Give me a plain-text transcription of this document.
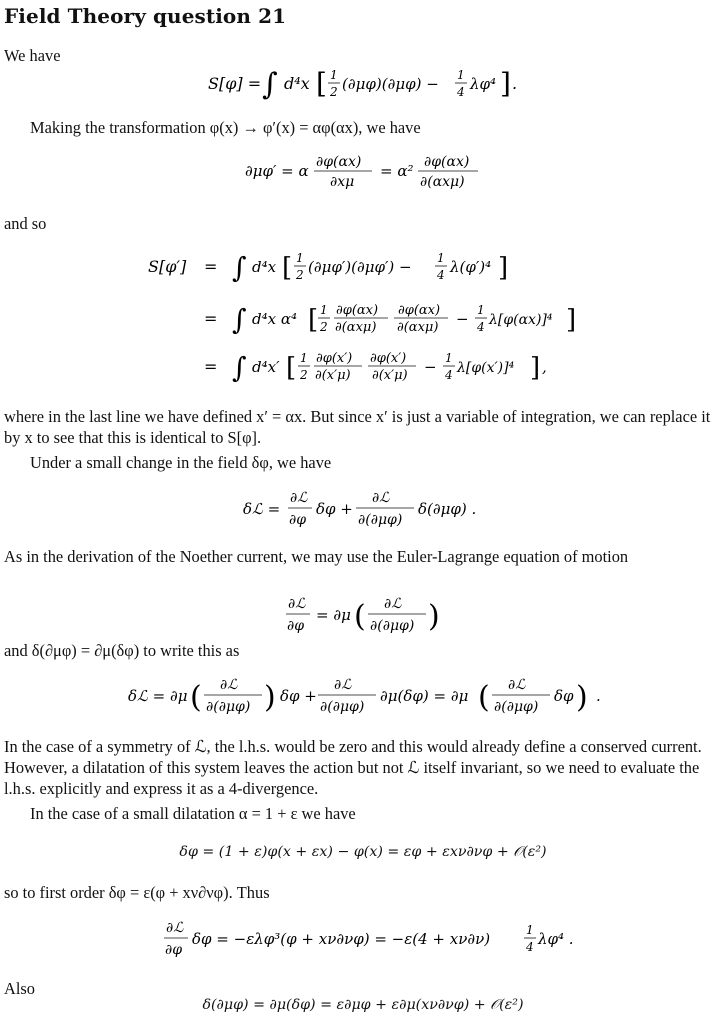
Field Theory question 21
We have
S[φ] = ∫ d⁴x [ 1
2 (∂μφ)(∂μφ) − 1
4 λφ⁴ ] .
Making the transformation φ(x) → φ′(x) = αφ(αx), we have
∂μφ′ = α ∂φ(αx)
∂xμ
= α² ∂φ(αx)
∂(αxμ)
and so
S[φ′] = ∫ d⁴x [ 1
2 (∂μφ′)(∂μφ′) − 1
4 λ(φ′)⁴ ]
= ∫ d⁴x α⁴ [ 1
2
∂φ(αx)
∂(αxμ)
∂φ(αx)
∂(αxμ) − 1
4 λ[φ(αx)]⁴ ]
= ∫ d⁴x′ [ 1
2
∂φ(x′)
∂(x′μ)
∂φ(x′)
∂(x′μ) − 1
4 λ[φ(x′)]⁴ ] ,
where in the last line we have defined x′ = αx. But since x′ is just a variable of integration, we can replace it by x to see that this is identical to S[φ].
Under a small change in the field δφ, we have
δℒ =
∂ℒ
∂φ
δφ +
∂ℒ
∂(∂μφ)
δ(∂μφ) .
As in the derivation of the Noether current, we may use the Euler-Lagrange equation of motion
∂ℒ
∂φ
= ∂μ ( ∂ℒ
∂(∂μφ) )
and δ(∂μφ) = ∂μ(δφ) to write this as
δℒ = ∂μ ( ∂ℒ
∂(∂μφ) ) δφ +
∂ℒ
∂(∂μφ)
∂μ(δφ) = ∂μ ( ∂ℒ
∂(∂μφ)
δφ ) .
In the case of a symmetry of ℒ, the l.h.s. would be zero and this would already define a conserved current. However, a dilatation of this system leaves the action but not ℒ itself invariant, so we need to evaluate the l.h.s. explicitly and express it as a 4-divergence.
In the case of a small dilatation α = 1 + ε we have
δφ = (1 + ε)φ(x + εx) − φ(x) = εφ + εxν∂νφ + 𝒪(ε²)
so to first order δφ = ε(φ + xν∂νφ). Thus
∂ℒ
∂φ
δφ = −ελφ³(φ + xν∂νφ) = −ε(4 + xν∂ν)	1
4 λφ⁴ .
Also
δ(∂μφ) = ∂μ(δφ) = ε∂μφ + ε∂μ(xν∂νφ) + 𝒪(ε²)
